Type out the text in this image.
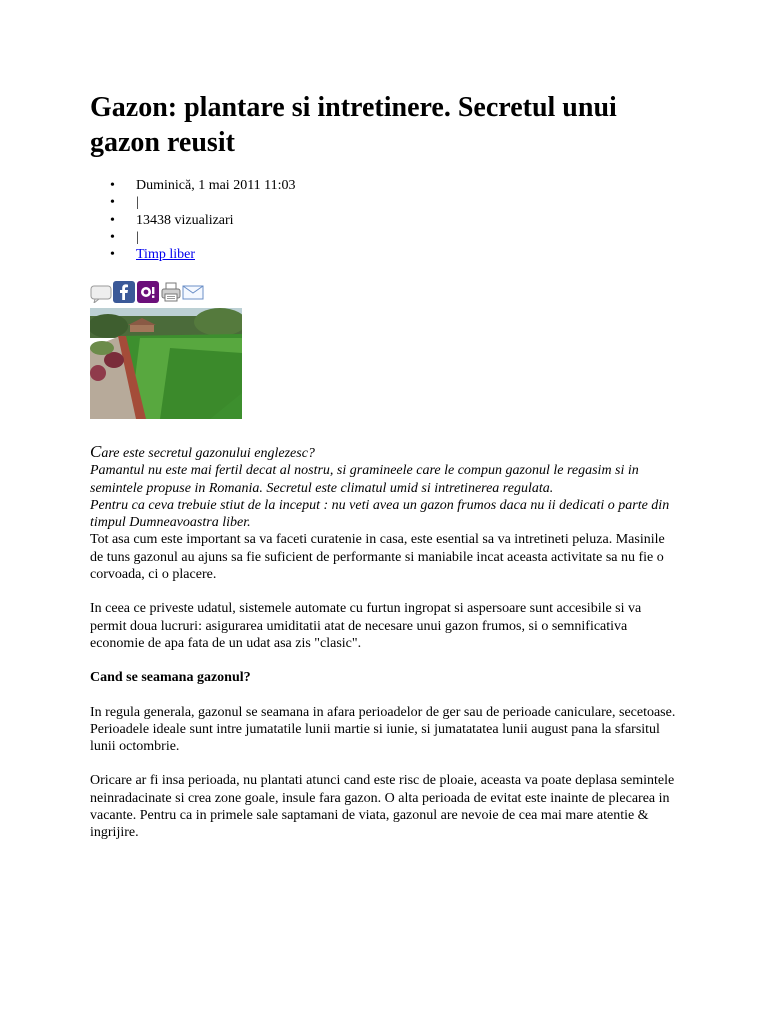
Gazon: plantare si intretinere. Secretul unui gazon reusit
• Duminică, 1 mai 2011 11:03
• |
• 13438 vizualizari
• |
• Timp liber

Care este secretul gazonului englezesc?

Pamantul nu este mai fertil decat al nostru, si gramineele care le compun gazonul le regasim si in semintele propuse in Romania. Secretul este climatul umid si intretinerea regulata.

Pentru ca ceva trebuie stiut de la inceput : nu veti avea un gazon frumos daca nu ii dedicati o parte din timpul Dumneavoastra liber.

Tot asa cum este important sa va faceti curatenie in casa, este esential sa va intretineti peluza. Masinile de tuns gazonul au ajuns sa fie suficient de performante si maniabile incat aceasta activitate sa nu fie o corvoada, ci o placere.

In ceea ce priveste udatul, sistemele automate cu furtun ingropat si aspersoare sunt accesibile si va permit doua lucruri: asigurarea umiditatii atat de necesare unui gazon frumos, si o semnificativa economie de apa fata de un udat asa zis "clasic".

Cand se seamana gazonul?

In regula generala, gazonul se seamana in afara perioadelor de ger sau de perioade caniculare, secetoase.

Perioadele ideale sunt intre jumatatile lunii martie si iunie, si jumatatatea lunii august pana la sfarsitul lunii octombrie.

Oricare ar fi insa perioada, nu plantati atunci cand este risc de ploaie, aceasta va poate deplasa semintele neinradacinate si crea zone goale, insule fara gazon. O alta perioada de evitat este inainte de plecarea in vacante. Pentru ca in primele sale saptamani de viata, gazonul are nevoie de cea mai mare atentie & ingrijire.
